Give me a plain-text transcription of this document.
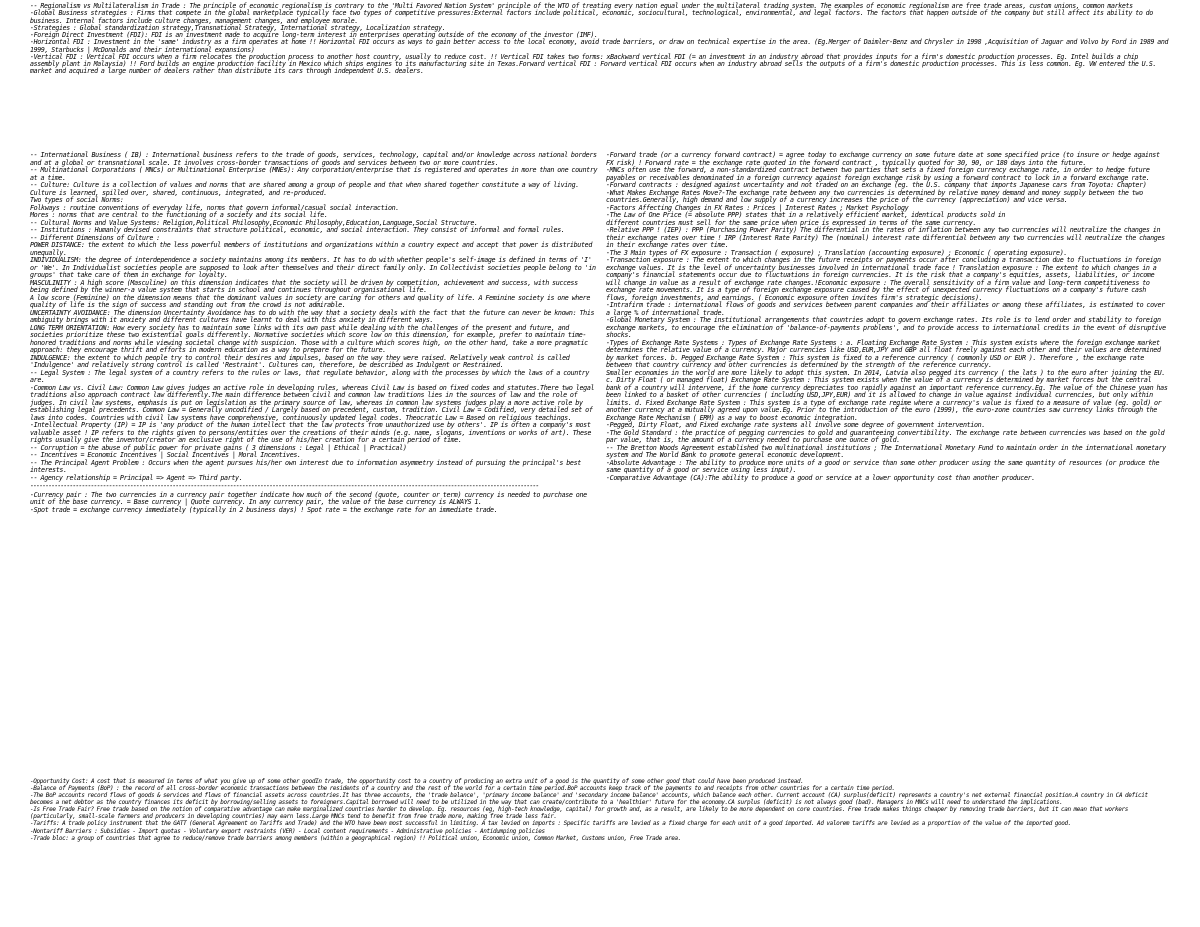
-- Regionalism vs Multilateralism in Trade : The principle of economic regionalism is contrary to the 'Multi Favored Nation System' principle of the WTO of treating every nation equal under the multilateral trading system. The examples of economic regionalism are free trade areas, custom unions, common markets

-Global Business strategies : Firms that compete in the global marketplace typically face two types of competitive pressures:External factors include political, economic, sociocultural, technological, environmental, and legal factors. The factors that happen outside of the company but still affect its ability to do business. Internal factors include culture changes, management changes, and employee morale.

-Strategies : Global standardization strategy,Transnational Strategy, International strategy, Localization strategy.

-Foreign Direct Investment (FDI): FDI is an investment made to acquire long-term interest in enterprises operating outside of the economy of the investor (IMF).

-Horizontal FDI : Investment in the 'same' industry as a firm operates at home !! Horizontal FDI occurs as ways to gain better access to the local economy, avoid trade barriers, or draw on technical expertise in the area. (Eg.Merger of Daimler-Benz and Chrysler in 1998 ,Acquisition of Jaguar and Volvo by Ford in 1989 and 1999, Starbucks | McDonalds and their international expansions)

-Vertical FDI : Vertical FDI occurs when a firm relocates the production process to another host country, usually to reduce cost. !! Vertical FDI takes two forms: xBackward vertical FDI (= an investment in an industry abroad that provides inputs for a firm's domestic production processes. Eg. Intel builds a chip assembly plant in Malaysia) !! Ford builds an engine production facility in Mexico which ships engines to its manufacturing site in Texas.Forward vertical FDI : Forward vertical FDI occurs when an industry abroad sells the outputs of a firm's domestic production processes. This is less common. Eg. VW entered the U.S. market and acquired a large number of dealers rather than distribute its cars through independent U.S. dealers.

-- International Business ( IB) : International business refers to the trade of goods, services, technology, capital and/or knowledge across national borders and at a global or transnational scale. It involves cross-border transactions of goods and services between two or more countries.

-- Multinational Corporations ( MNCs) or Multinational Enterprise (MNEs): Any corporation/enterprise that is registered and operates in more than one country at a time.

-- Culture: Culture is a collection of values and norms that are shared among a group of people and that when shared together constitute a way of living. Culture is learned, spilled over, shared, continuous, integrated, and re-produced.

Two types of social Norms:

Folkways : routine conventions of everyday life, norms that govern informal/casual social interaction.

Mores : norms that are central to the functioning of a society and its social life.

-- Cultural Norms and Value Systems: Religion,Political Philosophy,Economic Philosophy,Education,Language,Social Structure.

-- Institutions : Humanly devised constraints that structure political, economic, and social interaction. They consist of informal and formal rules.

-- Different Dimensions of Culture :

POWER DISTANCE: the extent to which the less powerful members of institutions and organizations within a country expect and accept that power is distributed unequally.

INDIVIDUALISM: the degree of interdependence a society maintains among its members. It has to do with whether people's self-image is defined in terms of 'I' or 'We'. In Individualist societies people are supposed to look after themselves and their direct family only. In Collectivist societies people belong to 'in groups' that take care of them in exchange for loyalty.

MASCULINITY : A high score (Masculine) on this dimension indicates that the society will be driven by competition, achievement and success, with success being defined by the winner-a value system that starts in school and continues throughout organisational life.

A low score (Feminine) on the dimension means that the dominant values in society are caring for others and quality of life. A Feminine society is one where quality of life is the sign of success and standing out from the crowd is not admirable.

UNCERTAINTY AVOIDANCE: The dimension Uncertainty Avoidance has to do with the way that a society deals with the fact that the future can never be known: This ambiguity brings with it anxiety and different cultures have learnt to deal with this anxiety in different ways.

LONG TERM ORIENTATION: How every society has to maintain some links with its own past while dealing with the challenges of the present and future, and societies prioritize these two existential goals differently. Normative societies which score low on this dimension, for example, prefer to maintain time-honored traditions and norms while viewing societal change with suspicion. Those with a culture which scores high, on the other hand, take a more pragmatic approach: they encourage thrift and efforts in modern education as a way to prepare for the future.

INDULGENCE: the extent to which people try to control their desires and impulses, based on the way they were raised. Relatively weak control is called 'Indulgence' and relatively strong control is called 'Restraint'. Cultures can, therefore, be described as Indulgent or Restrained.

-- Legal System : The legal system of a country refers to the rules or laws, that regulate behavior, along with the processes by which the laws of a country are.

-Common Law vs. Civil Law: Common Law gives judges an active role in developing rules, whereas Civil Law is based on fixed codes and statutes.There two legal traditions also approach contract law differently.The main difference between civil and common law traditions lies in the sources of law and the role of judges. In civil law systems, emphasis is put on legislation as the primary source of law, whereas in common law systems judges play a more active role by establishing legal precedents. Common Law = Generally uncodified / Largely based on precedent, custom, tradition. Civil Law = Codified, very detailed set of laws into codes. Countries with civil law systems have comprehensive, continuously updated legal codes. Theocratic Law = Based on religious teachings.

-Intellectual Property (IP) = IP is 'any product of the human intellect that the law protects from unauthorized use by others'. IP is often a company's most valuable asset ! IP refers to the rights given to persons/entities over the creations of their minds (e.g. name, slogans, inventions or works of art). These rights usually give the inventor/creator an exclusive right of the use of his/her creation for a certain period of time.

-- Corruption = the abuse of public power for private gains ( 3 dimensions : Legal | Ethical | Practical)

-- Incentives = Economic Incentives | Social Incentives | Moral Incentives.

-- The Principal Agent Problem : Occurs when the agent pursues his/her own interest due to information asymmetry instead of pursuing the principal's best interests.

-- Agency relationship = Principal => Agent => Third party.

------------------------------------------------------------------------------------------------------------------------------------------------------------------------

-Currency pair : The two currencies in a currency pair together indicate how much of the second (quote, counter or term) currency is needed to purchase one unit of the base currency. = Base currency | Quote currency. In any currency pair, the value of the base currency is ALWAYS 1.

-Spot trade = exchange currency immediately (typically in 2 business days) ! Spot rate = the exchange rate for an immediate trade.

-Forward trade (or a currency forward contract) = agree today to exchange currency on some future date at some specified price (to insure or hedge against FX risk) ! Forward rate = the exchange rate quoted in the forward contract , typically quoted for 30, 90, or 180 days into the future.

-MNCs often use the forward, a non-standardized contract between two parties that sets a fixed foreign currency exchange rate, in order to hedge future payables or receivables denominated in a foreign currency against foreign exchange risk by using a forward contract to lock in a forward exchange rate.

-Forward contracts : designed against uncertainty and not traded on an exchange (eg. the U.S. company that imports Japanese cars from Toyota: Chapter)

-What Makes Exchange Rates Move?-The exchange rate between any two currencies is determined by relative money demand and money supply between the two countries.Generally, high demand and low supply of a currency increases the price of the currency (appreciation) and vice versa.

-Factors Affecting Changes in FX Rates : Prices | Interest Rates ; Market Psychology

-The Law of One Price (= absolute PPP) states that in a relatively efficient market, identical products sold in

different countries must sell for the same price when price is expressed in terms of the same currency.

-Relative PPP ! (IEP) : PPP (Purchasing Power Parity) The differential in the rates of inflation between any two currencies will neutralize the changes in their exchange rates over time ! IRP (Interest Rate Parity) The (nominal) interest rate differential between any two currencies will neutralize the changes in their exchange rates over time.

-The 3 Main types of FX exposure : Transaction ( exposure) ; Translation (accounting exposure) ; Economic ( operating exposure).

-Transaction exposure : The extent to which changes in the future receipts or payments occur after concluding a transaction due to fluctuations in foreign exchange values. It is the level of uncertainty businesses involved in international trade face ! Translation exposure : The extent to which changes in a company's financial statements occur due to fluctuations in foreign currencies. It is the risk that a company's equities, assets, liabilities, or income will change in value as a result of exchange rate changes.!Economic exposure : The overall sensitivity of a firm value and long-term competitiveness to exchange rate movements. It is a type of foreign exchange exposure caused by the effect of unexpected currency fluctuations on a company's future cash flows, foreign investments, and earnings. ( Economic exposure often invites firm's strategic decisions).

-Intrafirm trade : international flows of goods and services between parent companies and their affiliates or among these affiliates, is estimated to cover a large % of international trade.

-Global Monetary System : The institutional arrangements that countries adopt to govern exchange rates. Its role is to lend order and stability to foreign exchange markets, to encourage the elimination of 'balance-of-payments problems', and to provide access to international credits in the event of disruptive shocks.

-Types of Exchange Rate Systems : Types of Exchange Rate Systems : a. Floating Exchange Rate System : This system exists where the foreign exchange market determines the relative value of a currency. Major currencies like USD,EUR,JPY and GBP all float freely against each other and their values are determined by market forces. b. Pegged Exchange Rate System : This system is fixed to a reference currency ( commonly USD or EUR ). Therefore , the exchange rate between that country currency and other currencies is determined by the strength of the reference currency.

Smaller economies in the world are more likely to adopt this system. In 2014, Latvia also pegged its currency ( the lats ) to the euro after joining the EU. c. Dirty Float ( or managed float) Exchange Rate System : This system exists when the value of a currency is determined by market forces but the central bank of a country will intervene, if the home currency depreciates too rapidly against an important reference currency.Eg. The value of the Chinese yuan has been linked to a basket of other currencies ( including USD,JPY,EUR) and it is allowed to change in value against individual currencies, but only within limits. d. Fixed Exchange Rate System : This system is a type of exchange rate regime where a currency's value is fixed to a measure of value (eg. gold) or another currency at a mutually agreed upon value.Eg. Prior to the introduction of the euro (1999), the euro-zone countries saw currency links through the Exchange Rate Mechanism ( ERM) as a way to boost economic integration.

-Pegged, Dirty Float, and Fixed exchange rate systems all involve some degree of government intervention.

-The Gold Standard : the practice of pegging currencies to gold and guaranteeing convertibility. The exchange rate between currencies was based on the gold par value, that is, the amount of a currency needed to purchase one ounce of gold.

-- The Bretton Woods Agreement established two multinational institutions ; The International Monetary Fund to maintain order in the international monetary system and The World Bank to promote general economic development.

-Absolute Advantage : The ability to produce more units of a good or service than some other producer using the same quantity of resources (or produce the same quantity of a good or service using less input).

-Comparative Advantage (CA):The ability to produce a good or service at a lower opportunity cost than another producer.

-Opportunity Cost: A cost that is measured in terms of what you give up of some other goodIn trade, the opportunity cost to a country of producing an extra unit of a good is the quantity of some other good that could have been produced instead.

-Balance of Payments (BoP) : the record of all cross-border economic transactions between the residents of a country and the rest of the world for a certain time period.BoP accounts keep track of the payments to and receipts from other countries for a certain time period.

-The BoP accounts record flows of goods & services and flows of financial assets across countries.It has three accounts, the 'trade balance', 'primary income balance' and 'secondary income balance' accounts, which balance each other. Current account (CA) surplus(deficit) represents a country's net external financial position.A country in CA deficit becomes a net debtor as the country finances its deficit by borrowing/selling assets to foreigners.Capital borrowed will need to be utilized in the way that can create/contribute to a 'healthier' future for the economy.CA surplus (deficit) is not always good (bad). Managers in MNCs will need to understand the implications.

-Is Free Trade Fair? Free trade based on the notion of comparative advantage can make marginalized countries harder to develop. Eg. resources (eg, high-tech knowledge, capital) for growth and, as a result, are likely to be more dependent on core countries. Free trade makes things cheaper by removing trade barriers, but it can mean that workers (particularly, small-scale farmers and producers in developing countries) may earn less.Large MNCs tend to benefit from free trade more, making free trade less fair.

-Tariffs: A trade policy instrument that the GATT (General Agreement on Tariffs and Trade) and the WTO have been most successful in limiting. A tax levied on imports : Specific tariffs are levied as a fixed charge for each unit of a good imported. Ad valorem tariffs are levied as a proportion of the value of the imported good.

-Nontariff Barriers : Subsidies - Import quotas - Voluntary export restraints (VER) - Local content requirements - Administrative policies - Antidumping policies

-Trade bloc: a group of countries that agree to reduce/remove trade barriers among members (within a geographical region) !! Political union, Economic union, Common Market, Customs union, Free Trade area.
